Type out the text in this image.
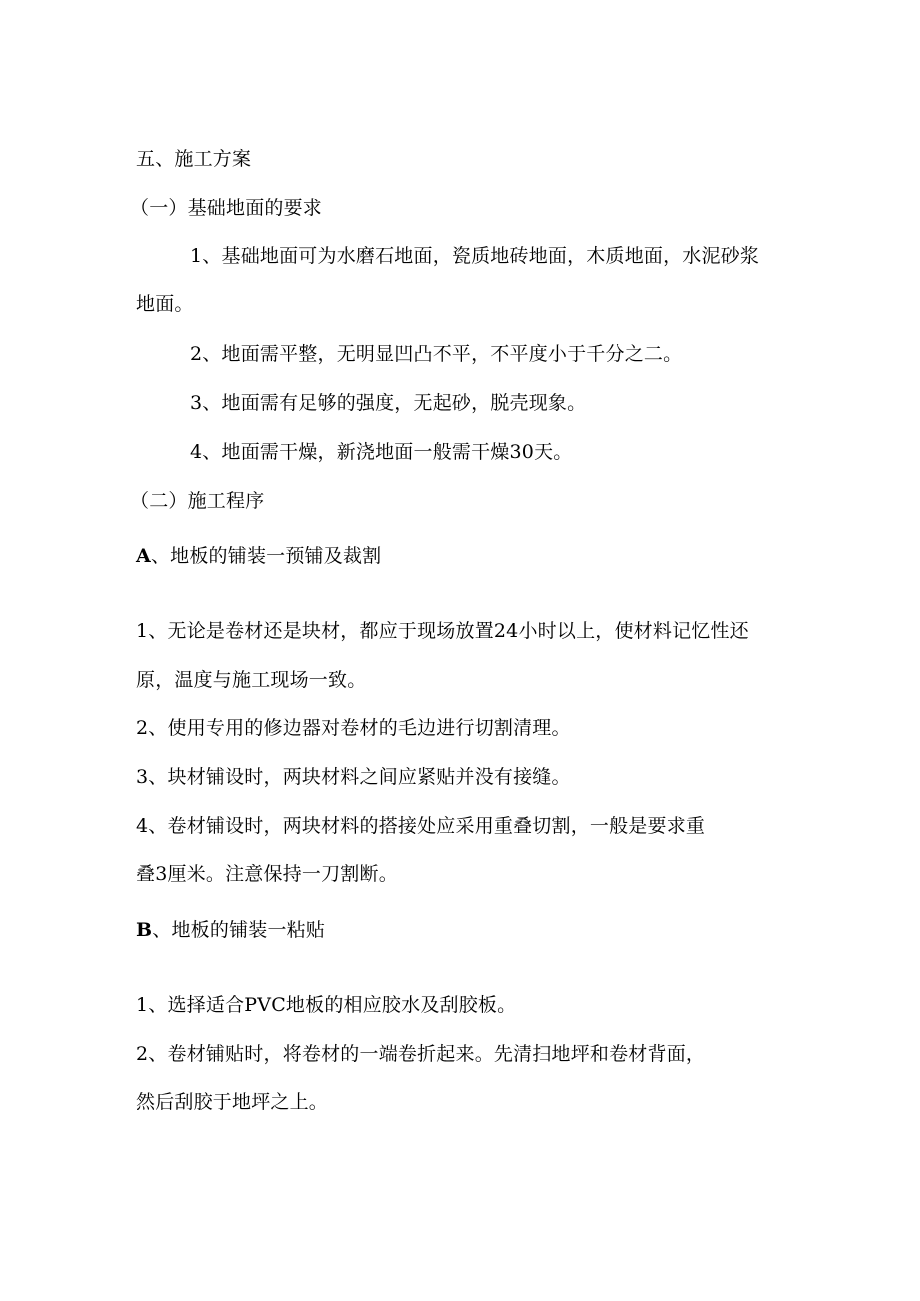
五、施工方案
（一）基础地面的要求
1、基础地面可为水磨石地面，瓷质地砖地面，木质地面，水泥砂浆
地面。
2、地面需平整，无明显凹凸不平，不平度小于千分之二。
3、地面需有足够的强度，无起砂，脱壳现象。
4、地面需干燥，新浇地面一般需干燥30天。
（二）施工程序
A、地板的铺装一预铺及裁割
1、无论是卷材还是块材，都应于现场放置24小时以上，使材料记忆性还
原，温度与施工现场一致。
2、使用专用的修边器对卷材的毛边进行切割清理。
3、块材铺设时，两块材料之间应紧贴并没有接缝。
4、卷材铺设时，两块材料的搭接处应采用重叠切割，一般是要求重
叠3厘米。注意保持一刀割断。
B、地板的铺装一粘贴
1、选择适合PVC地板的相应胶水及刮胶板。
2、卷材铺贴时，将卷材的一端卷折起来。先清扫地坪和卷材背面，
然后刮胶于地坪之上。
